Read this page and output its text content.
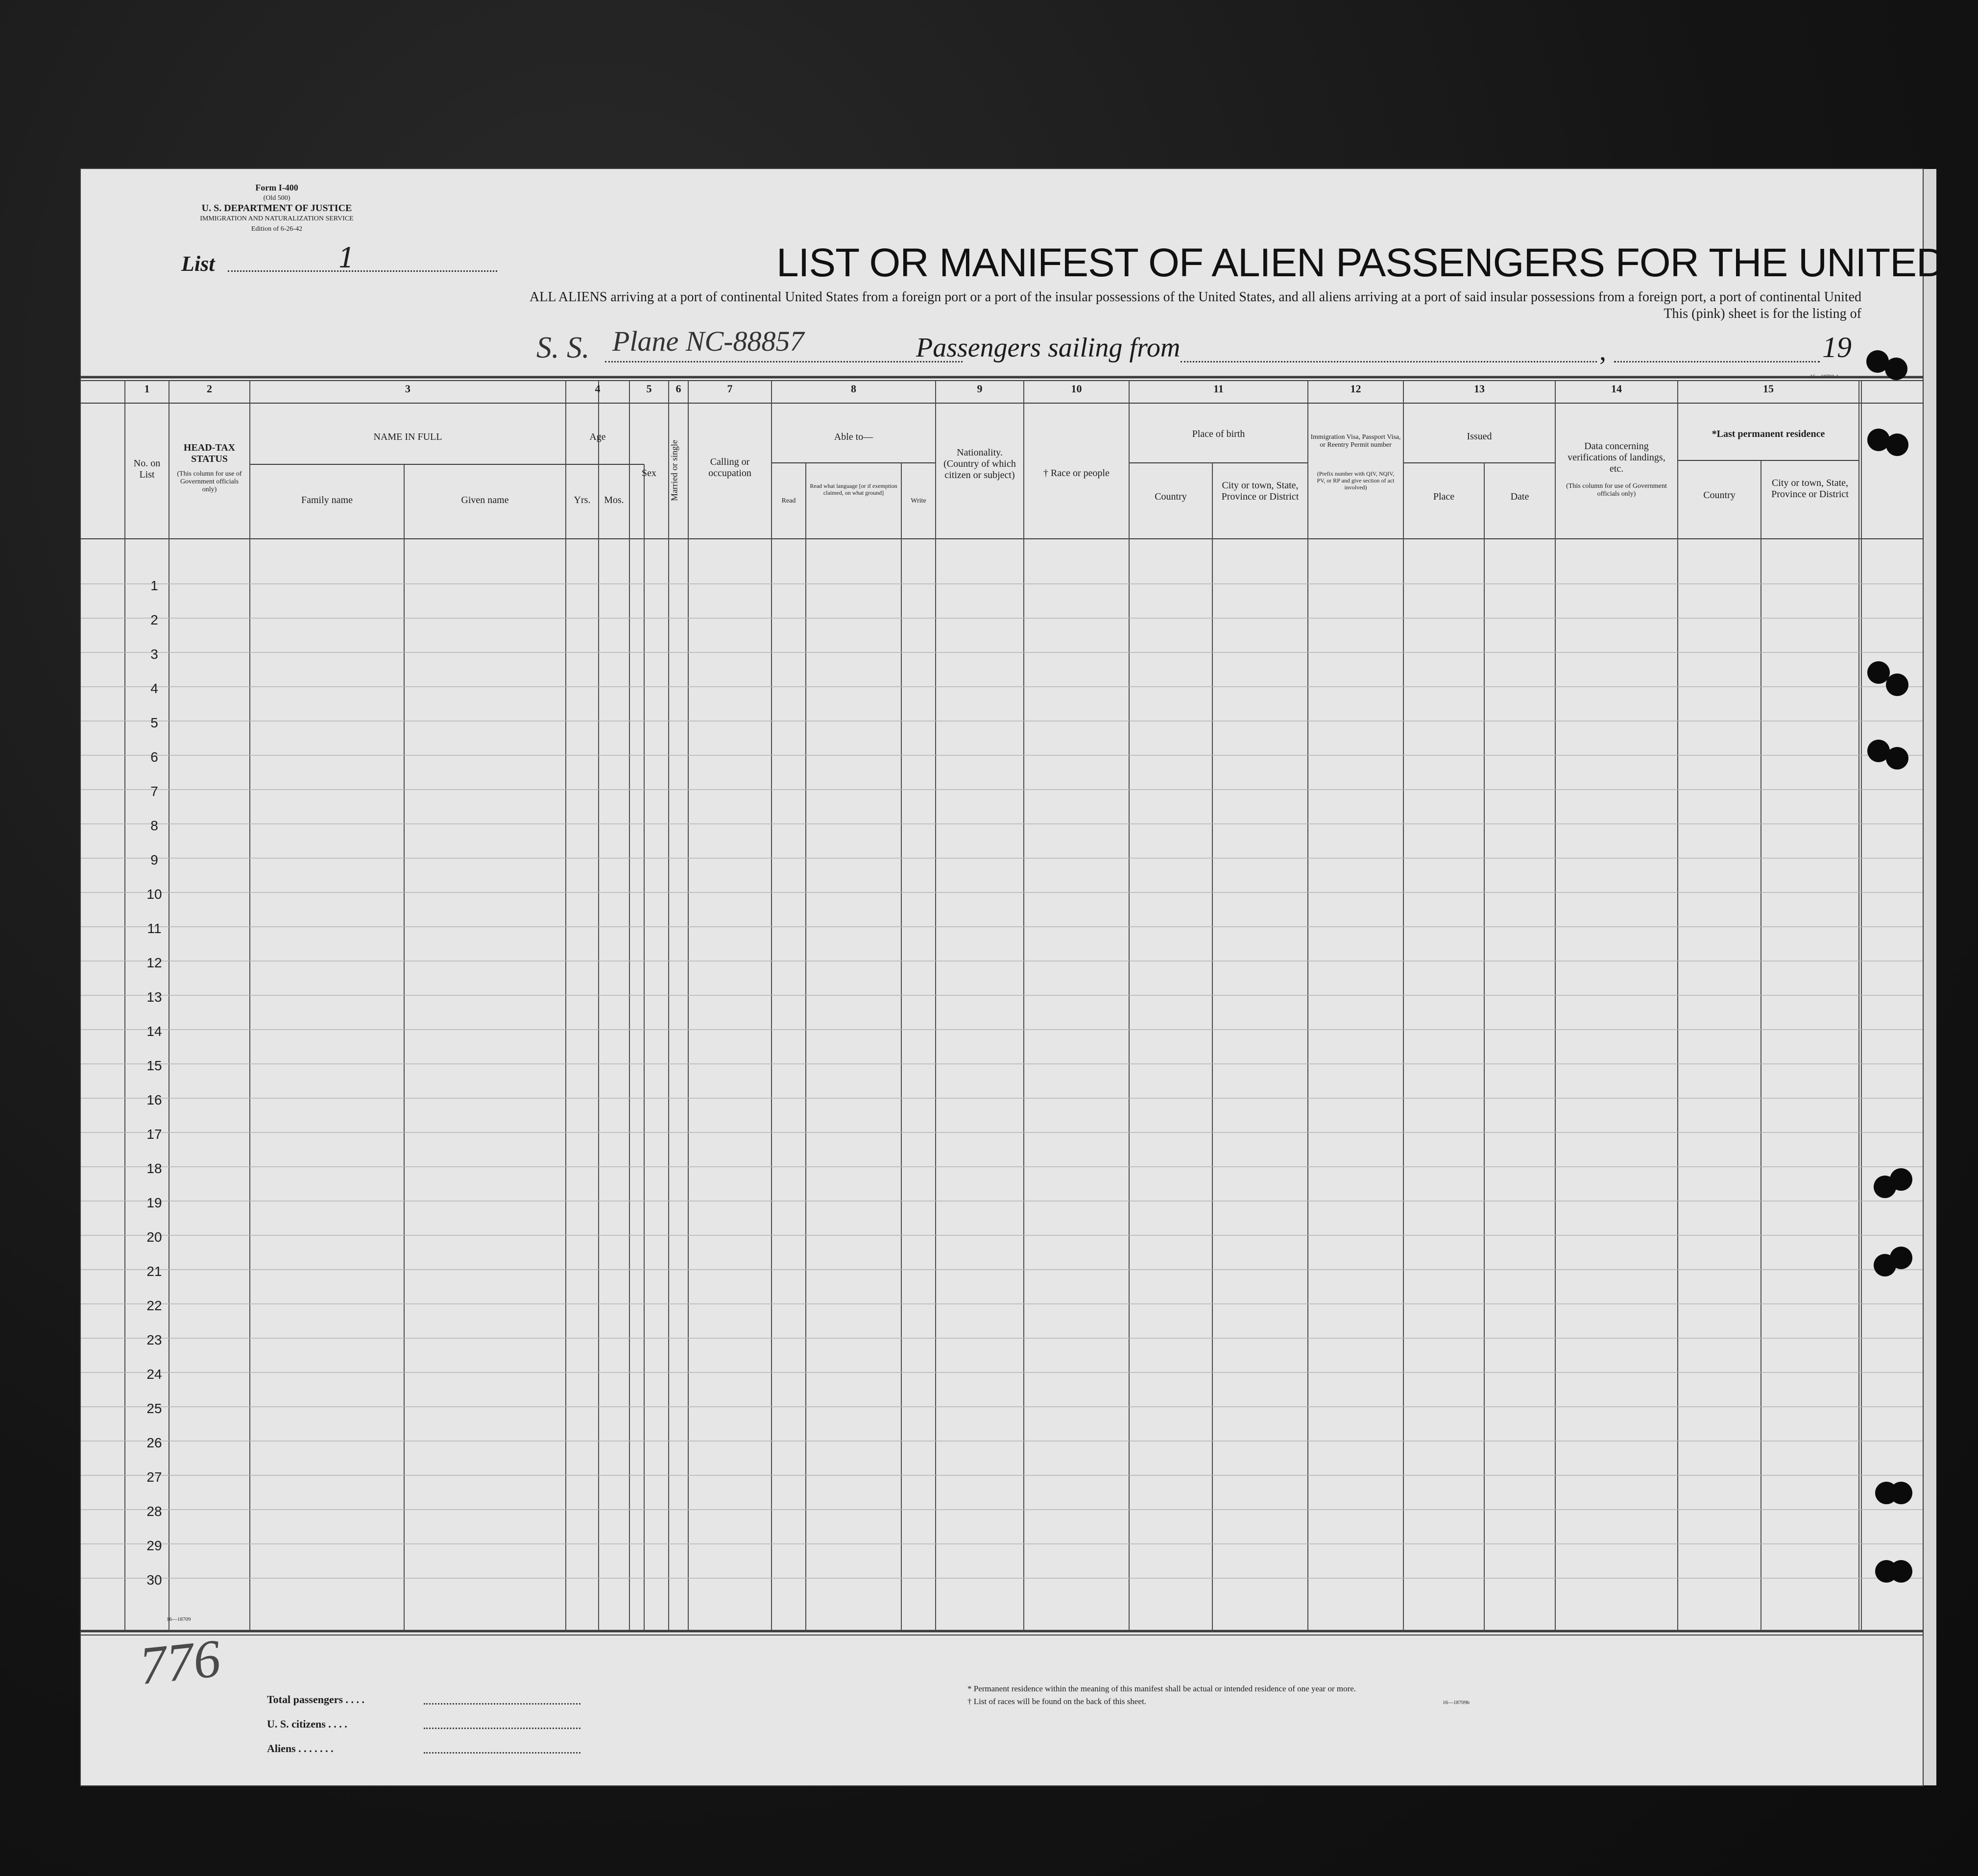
Form I-400
(Old 500)
U. S. DEPARTMENT OF JUSTICE
IMMIGRATION AND NATURALIZATION SERVICE
Edition of 6-26-42
List	1	LIST OR MANIFEST OF ALIEN PASSENGERS FOR THE UNITED
ALL ALIENS arriving at a port of continental United States from a foreign port or a port of the insular possessions of the United States, and all aliens arriving at a port of said insular possessions from a foreign port, a port of continental United
This (pink) sheet is for the listing of
S. S. Plane NC-88857	Passengers sailing from	,	19
16—18700-1
1	2	3	4	5	6	7	8	9	10	11	12	13	14	15
No. on List
HEAD-TAX STATUS
(This column for use of Government officials only)
NAME IN FULL
Family name	Given name
Age
Yrs.	Mos.
Sex	Married or single	Calling or occupation
Able to—
Read
Read what language [or if exemption claimed, on what ground]
Write
Nationality. (Country of which citizen or subject)	† Race or people
Place of birth
Country
City or town, State, Province or District
Immigration Visa, Passport Visa, or Reentry Permit number
(Prefix number with QIV, NQIV, PV, or RP and give section of act involved)
Issued
Place	Date
Data concerning verifications of landings, etc.
(This column for use of Government officials only)
*Last permanent residence
Country
City or town, State, Province or District
1
2
3
4
5
6
7
8
9
10
11
12
13
14
15
16
17
18
19
20
21
22
23
24
25
26
27
28
29
30
16—18709
776
Total passengers . . . .
U. S. citizens . . . .
Aliens . . . . . . .
* Permanent residence within the meaning of this manifest shall be actual or intended residence of one year or more.
† List of races will be found on the back of this sheet.	16—18709b
